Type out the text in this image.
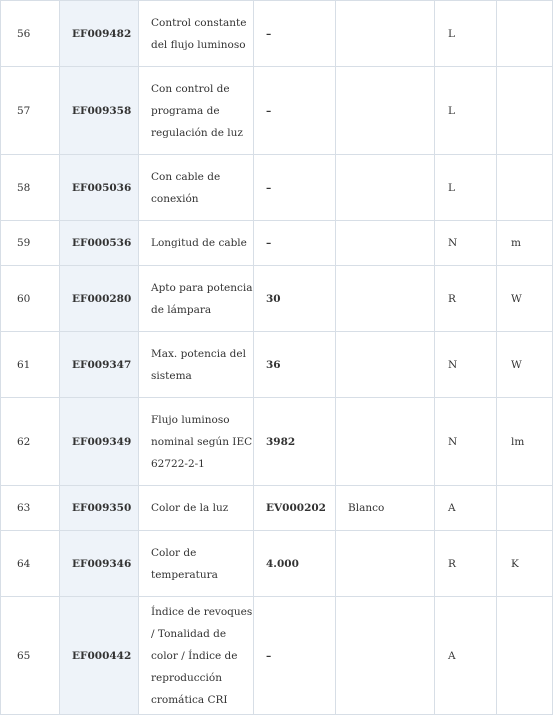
56	EF009482	Control constante del flujo luminoso	–		L	
57	EF009358	Con control de programa de regulación de luz	–		L	
58	EF005036	Con cable de conexión	–		L	
59	EF000536	Longitud de cable	–		N	m
60	EF000280	Apto para potencia de lámpara	30		R	W
61	EF009347	Max. potencia del sistema	36		N	W
62	EF009349	Flujo luminoso nominal según IEC 62722-2-1	3982		N	lm
63	EF009350	Color de la luz	EV000202	Blanco	A	
64	EF009346	Color de temperatura	4.000		R	K
65	EF000442	Índice de revoques / Tonalidad de color / Índice de reproducción cromática CRI	–		A	
